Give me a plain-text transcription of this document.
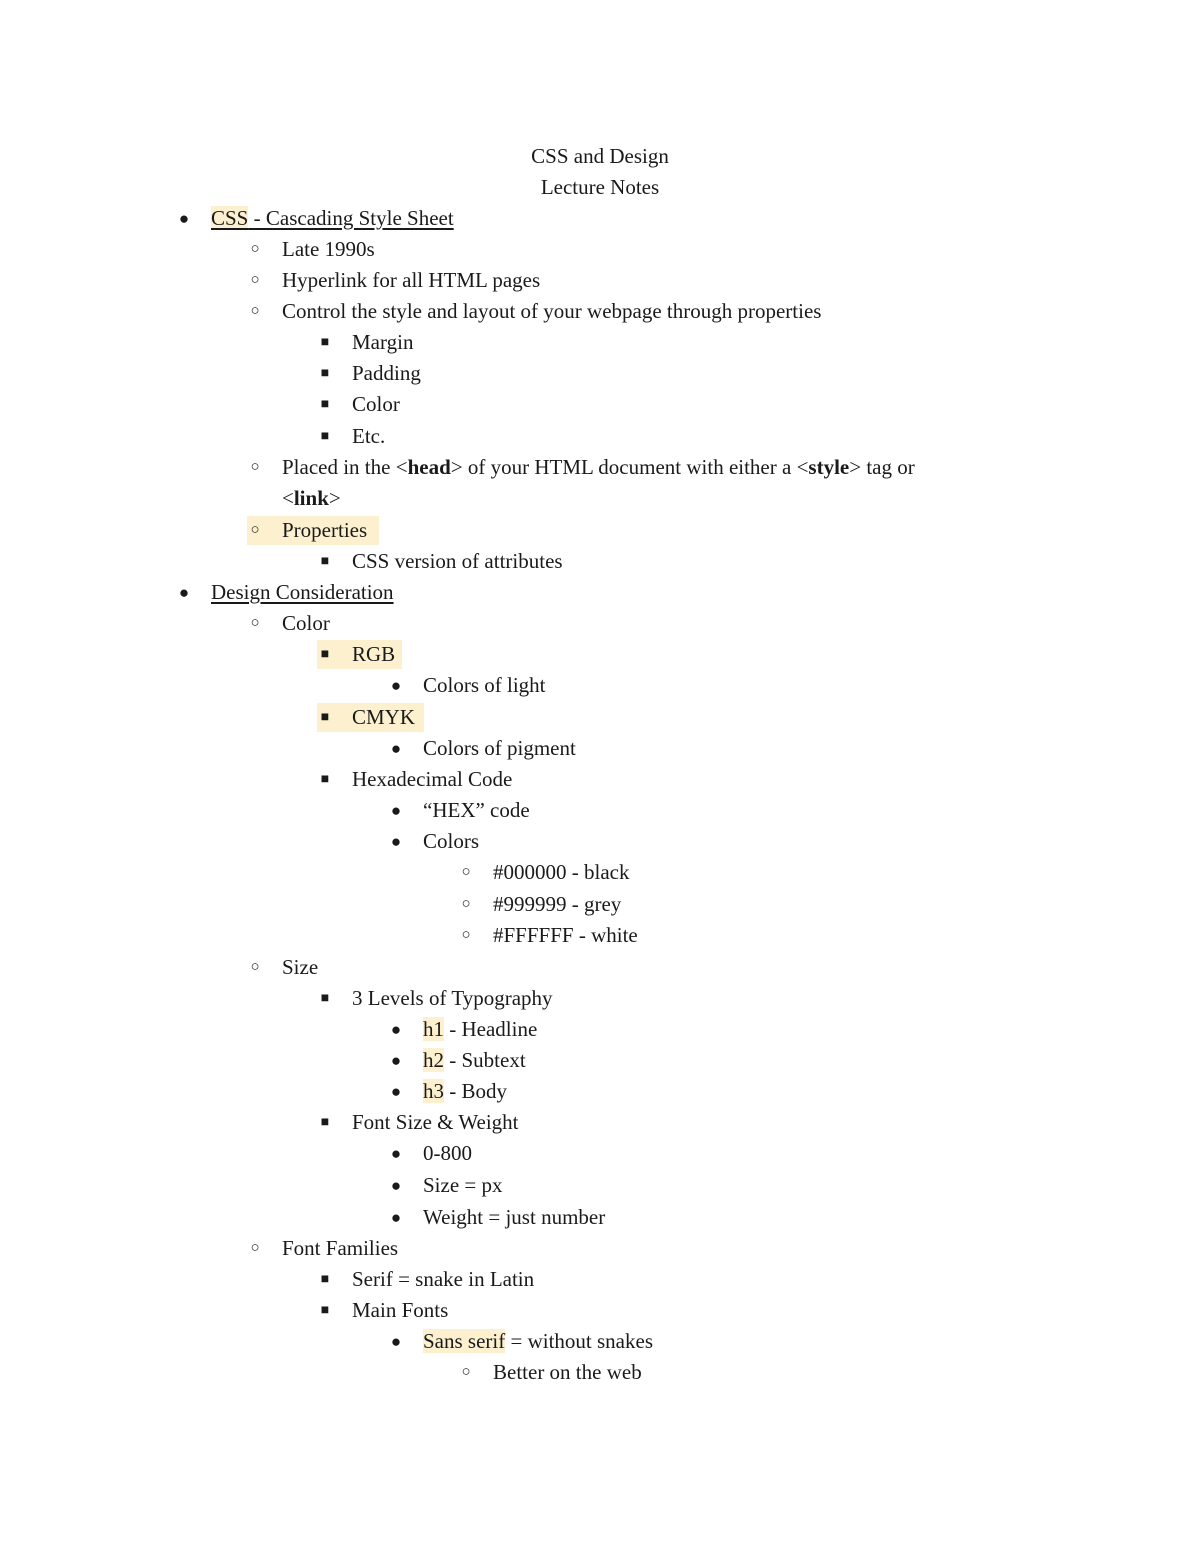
CSS and Design
Lecture Notes
● CSS - Cascading Style Sheet
○ Late 1990s
○ Hyperlink for all HTML pages
○ Control the style and layout of your webpage through properties
■ Margin
■ Padding
■ Color
■ Etc.
○ Placed in the <head> of your HTML document with either a <style> tag or
<link>
○ Properties
■ CSS version of attributes
● Design Consideration
○ Color
■ RGB
● Colors of light
■ CMYK
● Colors of pigment
■ Hexadecimal Code
● “HEX” code
● Colors
○ #000000 - black
○ #999999 - grey
○ #FFFFFF - white
○ Size
■ 3 Levels of Typography
● h1 - Headline
● h2 - Subtext
● h3 - Body
■ Font Size & Weight
● 0-800
● Size = px
● Weight = just number
○ Font Families
■ Serif = snake in Latin
■ Main Fonts
● Sans serif = without snakes
○ Better on the web
